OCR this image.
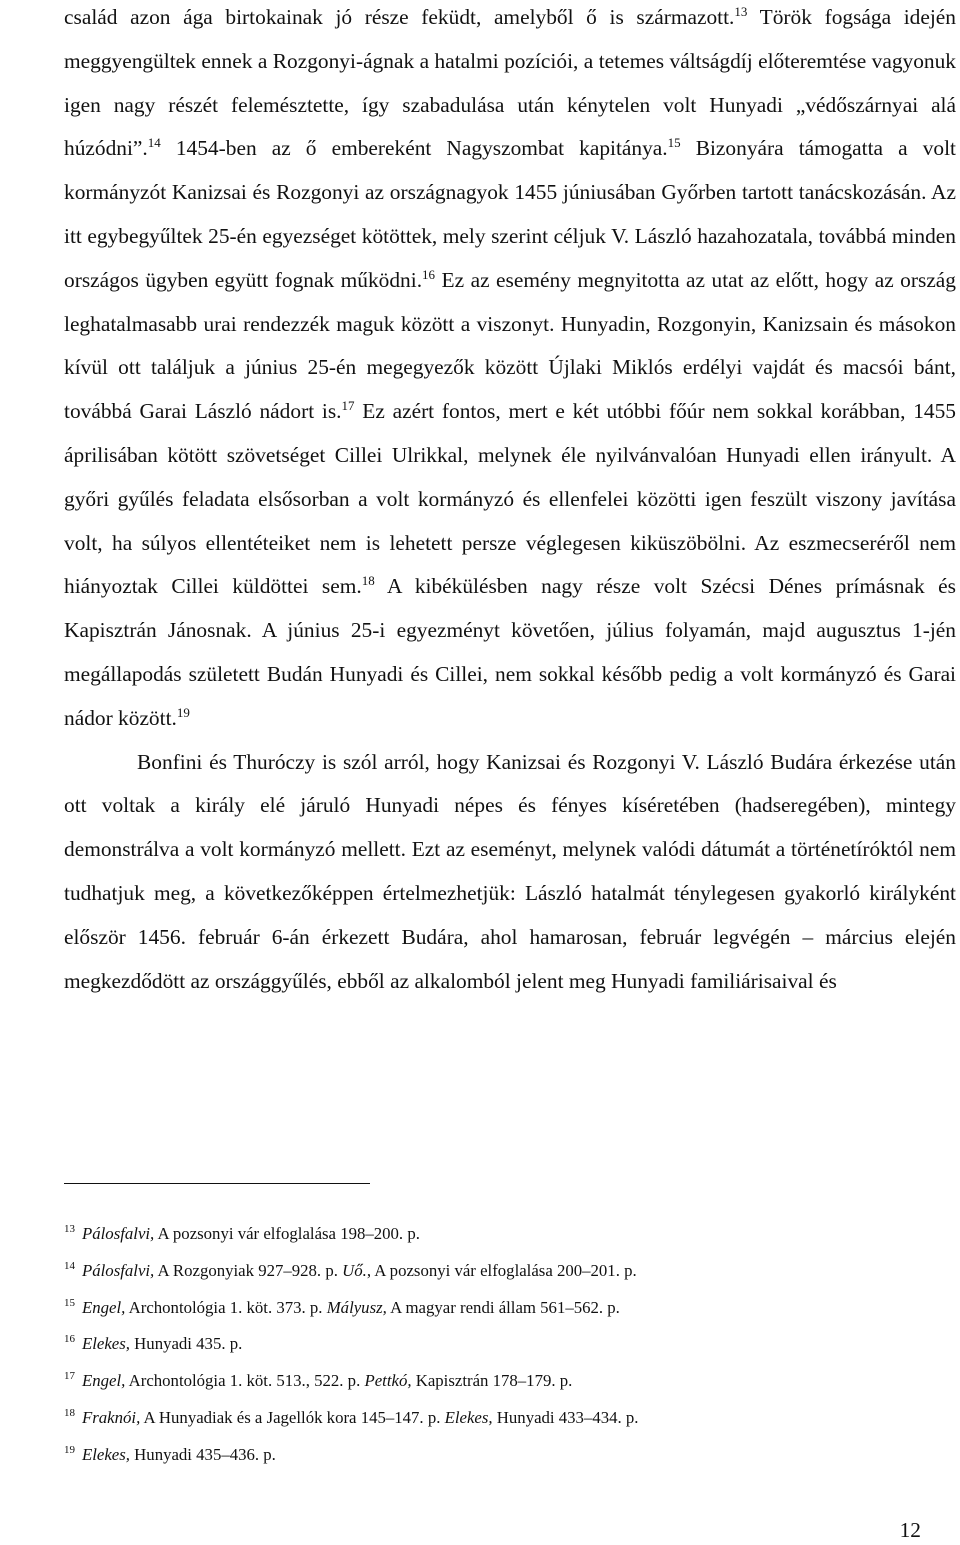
család azon ága birtokainak jó része feküdt, amelyből ő is származott.$^{13}$ Török fogsága idején meggyengültek ennek a Rozgonyi-ágnak a hatalmi pozíciói, a tetemes váltságdíj előteremtése vagyonuk igen nagy részét felemésztette, így szabadulása után kénytelen volt Hunyadi „védőszárnyai alá húzódni”.$^{14}$ 1454-ben az ő embereként Nagyszombat kapitánya.$^{15}$ Bizonyára támogatta a volt kormányzót Kanizsai és Rozgonyi az országnagyok 1455 júniusában Győrben tartott tanácskozásán. Az itt egybegyűltek 25-én egyezséget kötöttek, mely szerint céljuk V. László hazahozatala, továbbá minden országos ügyben együtt fognak működni.$^{16}$ Ez az esemény megnyitotta az utat az előtt, hogy az ország leghatalmasabb urai rendezzék maguk között a viszonyt. Hunyadin, Rozgonyin, Kanizsain és másokon kívül ott találjuk a június 25-én megegyezők között Újlaki Miklós erdélyi vajdát és macsói bánt, továbbá Garai László nádort is.$^{17}$ Ez azért fontos, mert e két utóbbi főúr nem sokkal korábban, 1455 áprilisában kötött szövetséget Cillei Ulrikkal, melynek éle nyilvánvalóan Hunyadi ellen irányult. A győri gyűlés feladata elsősorban a volt kormányzó és ellenfelei közötti igen feszült viszony javítása volt, ha súlyos ellentéteiket nem is lehetett persze véglegesen kiküszöbölni. Az eszmecseréről nem hiányoztak Cillei küldöttei sem.$^{18}$ A kibékülésben nagy része volt Szécsi Dénes prímásnak és Kapisztrán Jánosnak. A június 25-i egyezményt követően, július folyamán, majd augusztus 1-jén megállapodás született Budán Hunyadi és Cillei, nem sokkal később pedig a volt kormányzó és Garai nádor között.$^{19}$

Bonfini és Thuróczy is szól arról, hogy Kanizsai és Rozgonyi V. László Budára érkezése után ott voltak a király elé járuló Hunyadi népes és fényes kíséretében (hadseregében), mintegy demonstrálva a volt kormányzó mellett. Ezt az eseményt, melynek valódi dátumát a történetíróktól nem tudhatjuk meg, a következőképpen értelmezhetjük: László hatalmát ténylegesen gyakorló királyként először 1456. február 6-án érkezett Budára, ahol hamarosan, február legvégén – március elején megkezdődött az országgyűlés, ebből az alkalomból jelent meg Hunyadi familiárisaival és

$^{13}$ Pálosfalvi, A pozsonyi vár elfoglalása 198–200. p.
$^{14}$ Pálosfalvi, A Rozgonyiak 927–928. p. Uő., A pozsonyi vár elfoglalása 200–201. p.
$^{15}$ Engel, Archontológia 1. köt. 373. p. Mályusz, A magyar rendi állam 561–562. p.
$^{16}$ Elekes, Hunyadi 435. p.
$^{17}$ Engel, Archontológia 1. köt. 513., 522. p. Pettkó, Kapisztrán 178–179. p.
$^{18}$ Fraknói, A Hunyadiak és a Jagellók kora 145–147. p. Elekes, Hunyadi 433–434. p.
$^{19}$ Elekes, Hunyadi 435–436. p.
12
